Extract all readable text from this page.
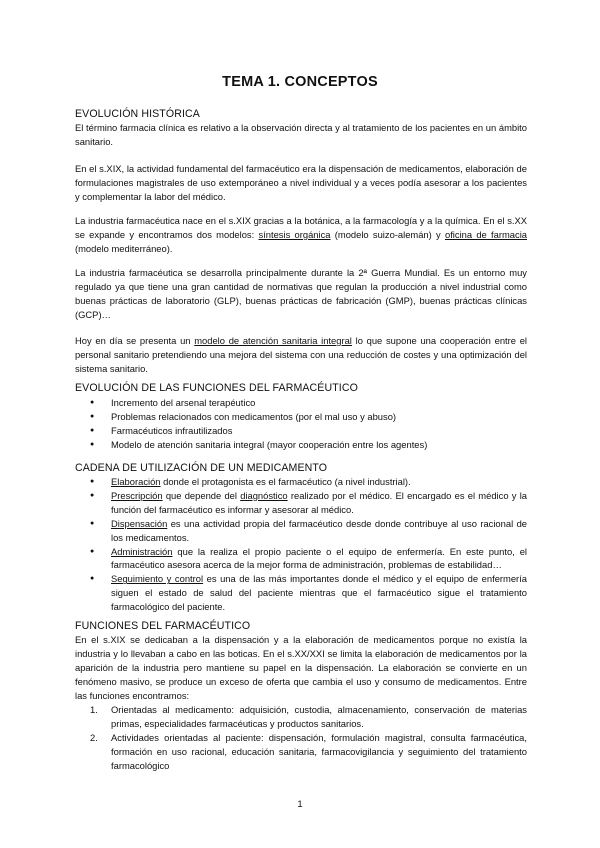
TEMA 1. CONCEPTOS
EVOLUCIÓN HISTÓRICA
El término farmacia clínica es relativo a la observación directa y al tratamiento de los pacientes en un ámbito sanitario.
En el s.XIX, la actividad fundamental del farmacéutico era la dispensación de medicamentos, elaboración de formulaciones magistrales de uso extemporáneo a nivel individual y a veces podía asesorar a los pacientes y complementar la labor del médico.
La industria farmacéutica nace en el s.XIX gracias a la botánica, a la farmacología y a la química. En el s.XX se expande y encontramos dos modelos: síntesis orgánica (modelo suizo-alemán) y oficina de farmacia (modelo mediterráneo).
La industria farmacéutica se desarrolla principalmente durante la 2ª Guerra Mundial. Es un entorno muy regulado ya que tiene una gran cantidad de normativas que regulan la producción a nivel industrial como buenas prácticas de laboratorio (GLP), buenas prácticas de fabricación (GMP), buenas prácticas clínicas (GCP)…
Hoy en día se presenta un modelo de atención sanitaria integral lo que supone una cooperación entre el personal sanitario pretendiendo una mejora del sistema con una reducción de costes y una optimización del sistema sanitario.
EVOLUCIÓN DE LAS FUNCIONES DEL FARMACÉUTICO
● Incremento del arsenal terapéutico
● Problemas relacionados con medicamentos (por el mal uso y abuso)
● Farmacéuticos infrautilizados
● Modelo de atención sanitaria integral (mayor cooperación entre los agentes)
CADENA DE UTILIZACIÓN DE UN MEDICAMENTO
● Elaboración donde el protagonista es el farmacéutico (a nivel industrial).
● Prescripción que depende del diagnóstico realizado por el médico. El encargado es el médico y la función del farmacéutico es informar y asesorar al médico.
● Dispensación es una actividad propia del farmacéutico desde donde contribuye al uso racional de los medicamentos.
● Administración que la realiza el propio paciente o el equipo de enfermería. En este punto, el farmacéutico asesora acerca de la mejor forma de administración, problemas de estabilidad…
● Seguimiento y control es una de las más importantes donde el médico y el equipo de enfermería siguen el estado de salud del paciente mientras que el farmacéutico sigue el tratamiento farmacológico del paciente.
FUNCIONES DEL FARMACÉUTICO
En el s.XIX se dedicaban a la dispensación y a la elaboración de medicamentos porque no existía la industria y lo llevaban a cabo en las boticas. En el s.XX/XXI se limita la elaboración de medicamentos por la aparición de la industria pero mantiene su papel en la dispensación. La elaboración se convierte en un fenómeno masivo, se produce un exceso de oferta que cambia el uso y consumo de medicamentos. Entre las funciones encontramos:
1. Orientadas al medicamento: adquisición, custodia, almacenamiento, conservación de materias primas, especialidades farmacéuticas y productos sanitarios.
2. Actividades orientadas al paciente: dispensación, formulación magistral, consulta farmacéutica, formación en uso racional, educación sanitaria, farmacovigilancia y seguimiento del tratamiento farmacológico
1
